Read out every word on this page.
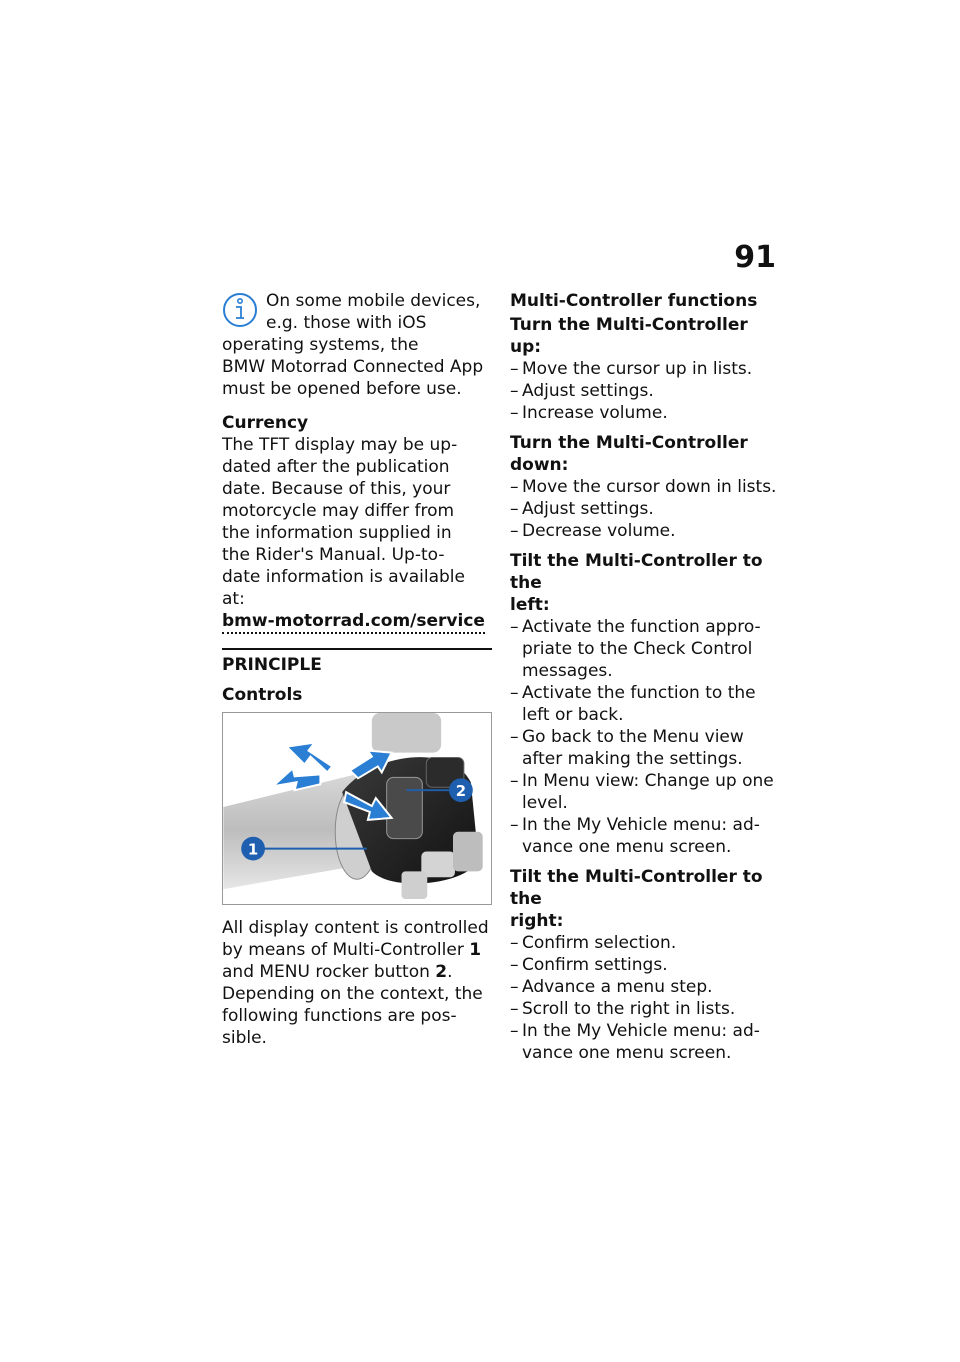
91

On some mobile devices,

e.g. those with iOS

operating systems, the

BMW Motorrad Connected App

must be opened before use.

Currency

The TFT display may be up-

dated after the publication

date. Because of this, your

motorcycle may differ from

the information supplied in

the Rider's Manual. Up-to-

date information is available at:

bmw-motorrad.com/service

PRINCIPLE

Controls

2
1

All display content is controlled

by means of Multi-Controller 1

and MENU rocker button 2.

Depending on the context, the

following functions are pos-

sible.

Multi-Controller functions

Turn the Multi-Controller up:

– Move the cursor up in lists.
– Adjust settings.
– Increase volume.

Turn the Multi-Controller

down:

– Move the cursor down in lists.
– Adjust settings.
– Decrease volume.

Tilt the Multi-Controller to the

left:

– Activate the function appro-
priate to the Check Control
messages.
– Activate the function to the
left or back.
– Go back to the Menu view
after making the settings.
– In Menu view: Change up one
level.
– In the My Vehicle menu: ad-
vance one menu screen.

Tilt the Multi-Controller to the

right:

– Confirm selection.
– Confirm settings.
– Advance a menu step.
– Scroll to the right in lists.
– In the My Vehicle menu: ad-
vance one menu screen.
